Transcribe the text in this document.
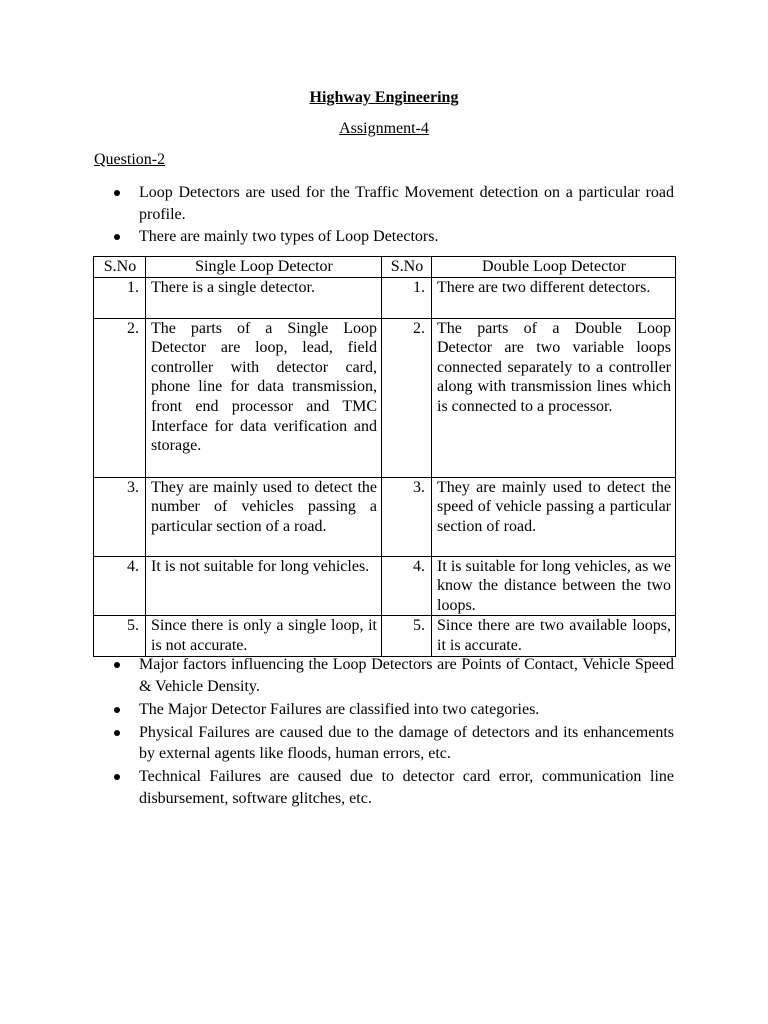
Highway Engineering
Assignment-4
Question-2
Loop Detectors are used for the Traffic Movement detection on a particular road profile.
There are mainly two types of Loop Detectors.
S.No	Single Loop Detector	S.No	Double Loop Detector
1.	There is a single detector.	1.	There are two different detectors.
2.	The parts of a Single Loop Detector are loop, lead, field controller with detector card, phone line for data transmission, front end processor and TMC Interface for data verification and storage.	2.	The parts of a Double Loop Detector are two variable loops connected separately to a controller along with transmission lines which is connected to a processor.
3.	They are mainly used to detect the number of vehicles passing a particular section of a road.	3.	They are mainly used to detect the speed of vehicle passing a particular section of road.
4.	It is not suitable for long vehicles.	4.	It is suitable for long vehicles, as we know the distance between the two loops.
5.	Since there is only a single loop, it is not accurate.	5.	Since there are two available loops, it is accurate.
Major factors influencing the Loop Detectors are Points of Contact, Vehicle Speed & Vehicle Density.
The Major Detector Failures are classified into two categories.
Physical Failures are caused due to the damage of detectors and its enhancements by external agents like floods, human errors, etc.
Technical Failures are caused due to detector card error, communication line disbursement, software glitches, etc.
